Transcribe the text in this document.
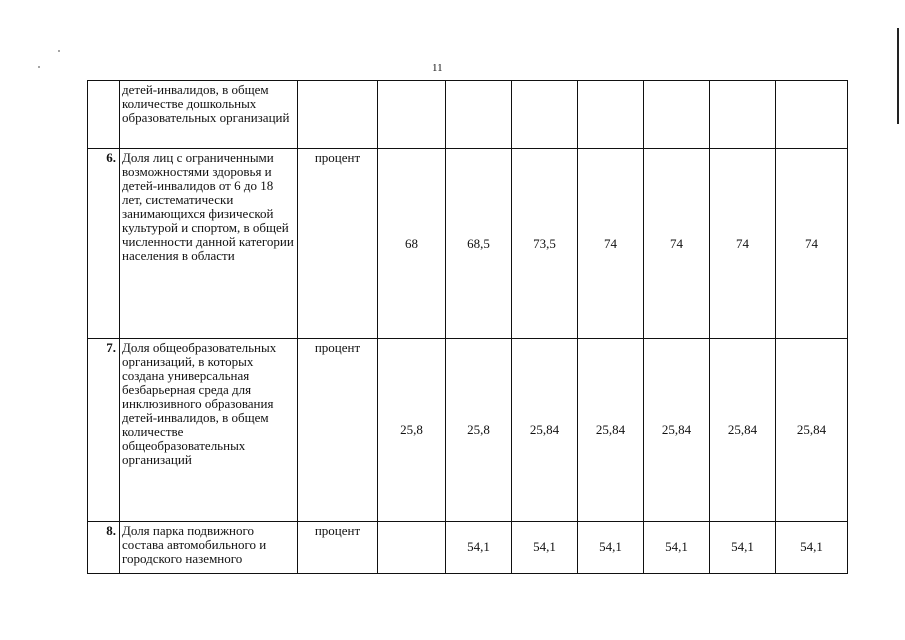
11
	детей-инвалидов, в общем количестве дошкольных образовательных организаций								
6.	Доля лиц с ограниченными возможностями здоровья и детей-инвалидов от 6 до 18 лет, систематически занимающихся физической культурой и спортом, в общей численности данной категории населения в области	процент	68	68,5	73,5	74	74	74	74
7.	Доля общеобразовательных организаций, в которых создана универсальная безбарьерная среда для инклюзивного образования детей-инвалидов, в общем количестве общеобразовательных организаций	процент	25,8	25,8	25,84	25,84	25,84	25,84	25,84
8.	Доля парка подвижного состава автомобильного и городского наземного	процент		54,1	54,1	54,1	54,1	54,1	54,1
